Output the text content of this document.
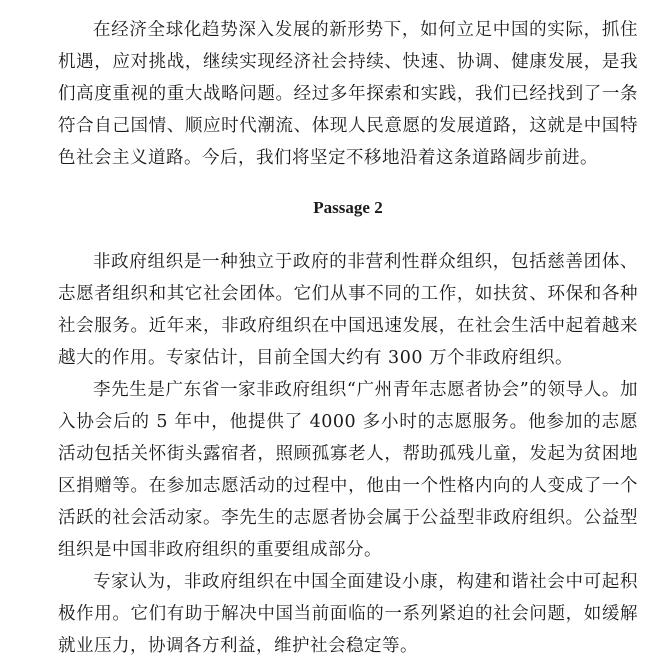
在经济全球化趋势深入发展的新形势下，如何立足中国的实际，抓住机遇，应对挑战，继续实现经济社会持续、快速、协调、健康发展，是我们高度重视的重大战略问题。经过多年探索和实践，我们已经找到了一条符合自己国情、顺应时代潮流、体现人民意愿的发展道路，这就是中国特色社会主义道路。今后，我们将坚定不移地沿着这条道路阔步前进。

Passage 2

非政府组织是一种独立于政府的非营利性群众组织，包括慈善团体、志愿者组织和其它社会团体。它们从事不同的工作，如扶贫、环保和各种社会服务。近年来，非政府组织在中国迅速发展，在社会生活中起着越来越大的作用。专家估计，目前全国大约有 300 万个非政府组织。

李先生是广东省一家非政府组织“广州青年志愿者协会”的领导人。加入协会后的 5 年中，他提供了 4000 多小时的志愿服务。他参加的志愿活动包括关怀街头露宿者，照顾孤寡老人，帮助孤残儿童，发起为贫困地区捐赠等。在参加志愿活动的过程中，他由一个性格内向的人变成了一个活跃的社会活动家。李先生的志愿者协会属于公益型非政府组织。公益型组织是中国非政府组织的重要组成部分。

专家认为，非政府组织在中国全面建设小康，构建和谐社会中可起积极作用。它们有助于解决中国当前面临的一系列紧迫的社会问题，如缓解就业压力，协调各方利益，维护社会稳定等。
